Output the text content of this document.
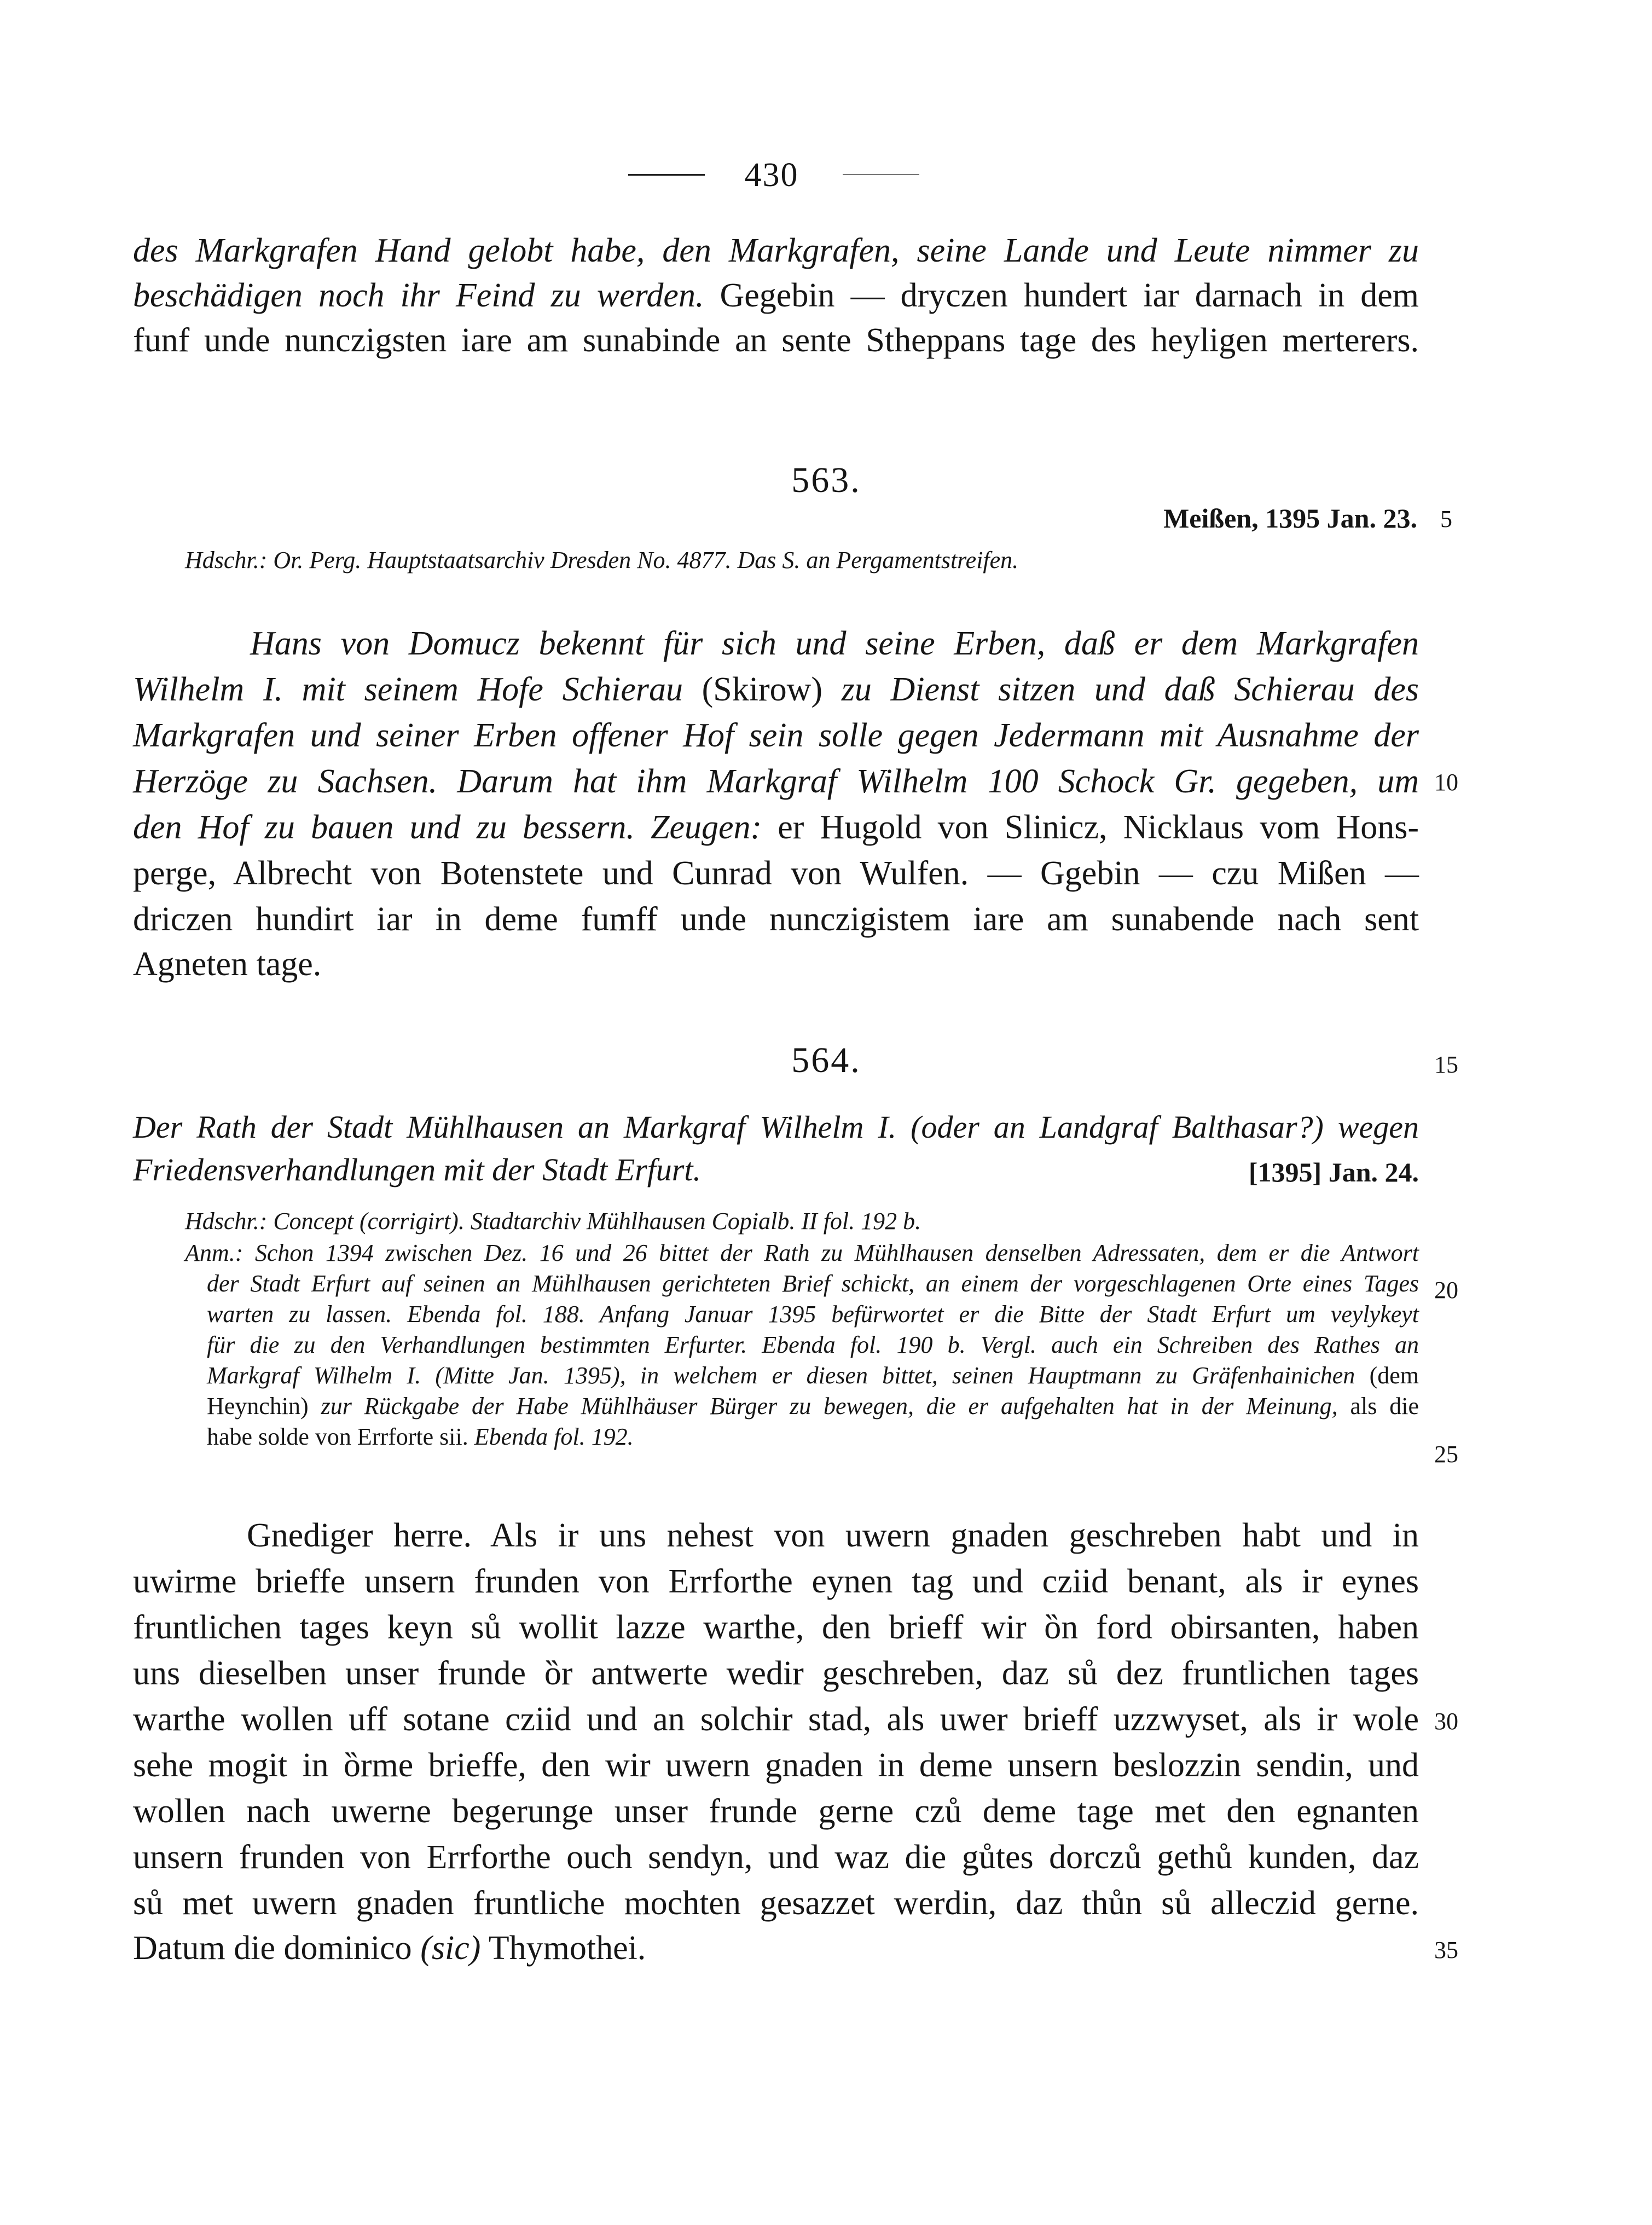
430
des Markgrafen Hand gelobt habe, den Markgrafen, seine Lande und Leute nimmer zu
beschädigen noch ihr Feind zu werden. Gegebin — dryczen hundert iar darnach in dem
funf unde nunczigsten iare am sunabinde an sente Stheppans tage des heyligen merterers.
563.
Meißen, 1395 Jan. 23. 5
Hdschr.: Or. Perg. Hauptstaatsarchiv Dresden No. 4877. Das S. an Pergamentstreifen.
Hans von Domucz bekennt für sich und seine Erben, daß er dem Markgrafen
Wilhelm I. mit seinem Hofe Schierau (Skirow) zu Dienst sitzen und daß Schierau des
Markgrafen und seiner Erben offener Hof sein solle gegen Jedermann mit Ausnahme der
Herzöge zu Sachsen. Darum hat ihm Markgraf Wilhelm 100 Schock Gr. gegeben, um 10
den Hof zu bauen und zu bessern. Zeugen: er Hugold von Slinicz, Nicklaus vom Hons-
perge, Albrecht von Botenstete und Cunrad von Wulfen. — Ggebin — czu Mißen —
driczen hundirt iar in deme fumff unde nunczigistem iare am sunabende nach sent
Agneten tage.
564.	15
Der Rath der Stadt Mühlhausen an Markgraf Wilhelm I. (oder an Landgraf Balthasar?) wegen
Friedensverhandlungen mit der Stadt Erfurt.	[1395] Jan. 24.
Hdschr.: Concept (corrigirt). Stadtarchiv Mühlhausen Copialb. II fol. 192 b.
Anm.: Schon 1394 zwischen Dez. 16 und 26 bittet der Rath zu Mühlhausen denselben Adressaten, dem er die Antwort
der Stadt Erfurt auf seinen an Mühlhausen gerichteten Brief schickt, an einem der vorgeschlagenen Orte eines Tages 20
warten zu lassen. Ebenda fol. 188. Anfang Januar 1395 befürwortet er die Bitte der Stadt Erfurt um veylykeyt
für die zu den Verhandlungen bestimmten Erfurter. Ebenda fol. 190 b. Vergl. auch ein Schreiben des Rathes an
Markgraf Wilhelm I. (Mitte Jan. 1395), in welchem er diesen bittet, seinen Hauptmann zu Gräfenhainichen (dem
Heynchin) zur Rückgabe der Habe Mühlhäuser Bürger zu bewegen, die er aufgehalten hat in der Meinung, als die
habe solde von Errforte sii. Ebenda fol. 192.
25
Gnediger herre. Als ir uns nehest von uwern gnaden geschreben habt und in
uwirme brieffe unsern frunden von Errforthe eynen tag und cziid benant, als ir eynes
fruntlichen tages keyn sů wollit lazze warthe, den brieff wir ȍn ford obirsanten, haben
uns dieselben unser frunde ȍr antwerte wedir geschreben, daz sů dez fruntlichen tages
warthe wollen uff sotane cziid und an solchir stad, als uwer brieff uzzwyset, als ir wole 30
sehe mogit in ȍrme brieffe, den wir uwern gnaden in deme unsern beslozzin sendin, und
wollen nach uwerne begerunge unser frunde gerne czů deme tage met den egnanten
unsern frunden von Errforthe ouch sendyn, und waz die gůtes dorczů gethů kunden, daz
sů met uwern gnaden fruntliche mochten gesazzet werdin, daz thůn sů alleczid gerne.
Datum die dominico (sic) Thymothei.	35
